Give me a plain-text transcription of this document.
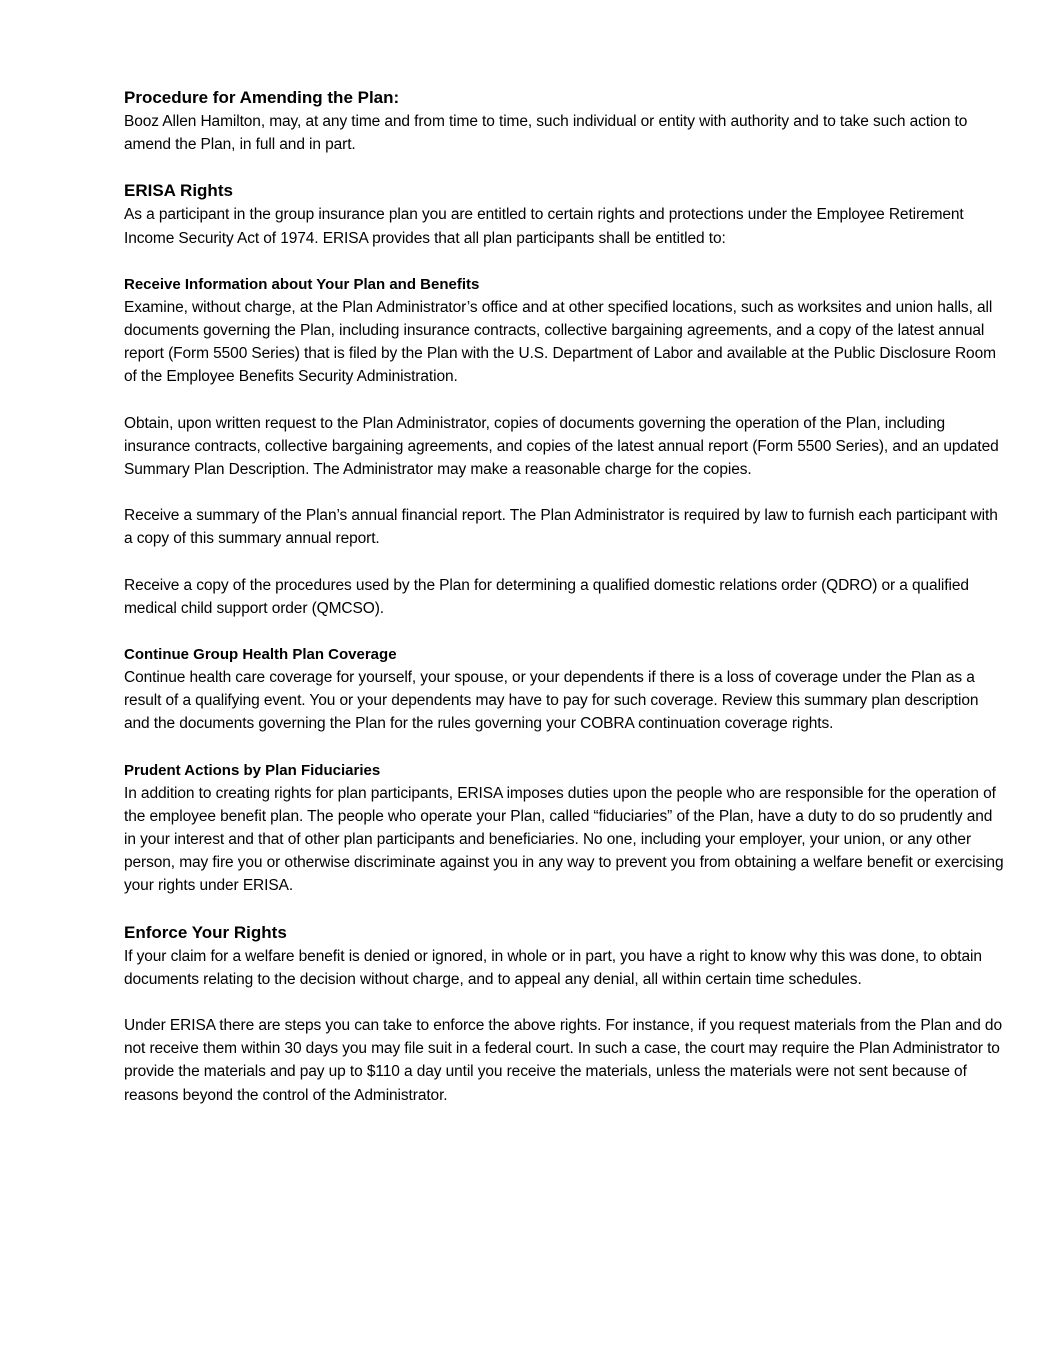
Procedure for Amending the Plan:

Booz Allen Hamilton, may, at any time and from time to time, such individual or entity with authority and to take such action to amend the Plan, in full and in part.

ERISA Rights

As a participant in the group insurance plan you are entitled to certain rights and protections under the Employee Retirement Income Security Act of 1974. ERISA provides that all plan participants shall be entitled to:

Receive Information about Your Plan and Benefits

Examine, without charge, at the Plan Administrator’s office and at other specified locations, such as worksites and union halls, all documents governing the Plan, including insurance contracts, collective bargaining agreements, and a copy of the latest annual report (Form 5500 Series) that is filed by the Plan with the U.S. Department of Labor and available at the Public Disclosure Room of the Employee Benefits Security Administration.

Obtain, upon written request to the Plan Administrator, copies of documents governing the operation of the Plan, including insurance contracts, collective bargaining agreements, and copies of the latest annual report (Form 5500 Series), and an updated Summary Plan Description. The Administrator may make a reasonable charge for the copies.

Receive a summary of the Plan’s annual financial report. The Plan Administrator is required by law to furnish each participant with a copy of this summary annual report.

Receive a copy of the procedures used by the Plan for determining a qualified domestic relations order (QDRO) or a qualified medical child support order (QMCSO).

Continue Group Health Plan Coverage

Continue health care coverage for yourself, your spouse, or your dependents if there is a loss of coverage under the Plan as a result of a qualifying event. You or your dependents may have to pay for such coverage. Review this summary plan description and the documents governing the Plan for the rules governing your COBRA continuation coverage rights.

Prudent Actions by Plan Fiduciaries

In addition to creating rights for plan participants, ERISA imposes duties upon the people who are responsible for the operation of the employee benefit plan. The people who operate your Plan, called “fiduciaries” of the Plan, have a duty to do so prudently and in your interest and that of other plan participants and beneficiaries. No one, including your employer, your union, or any other person, may fire you or otherwise discriminate against you in any way to prevent you from obtaining a welfare benefit or exercising your rights under ERISA.

Enforce Your Rights

If your claim for a welfare benefit is denied or ignored, in whole or in part, you have a right to know why this was done, to obtain documents relating to the decision without charge, and to appeal any denial, all within certain time schedules.

Under ERISA there are steps you can take to enforce the above rights. For instance, if you request materials from the Plan and do not receive them within 30 days you may file suit in a federal court. In such a case, the court may require the Plan Administrator to provide the materials and pay up to $110 a day until you receive the materials, unless the materials were not sent because of reasons beyond the control of the Administrator.
